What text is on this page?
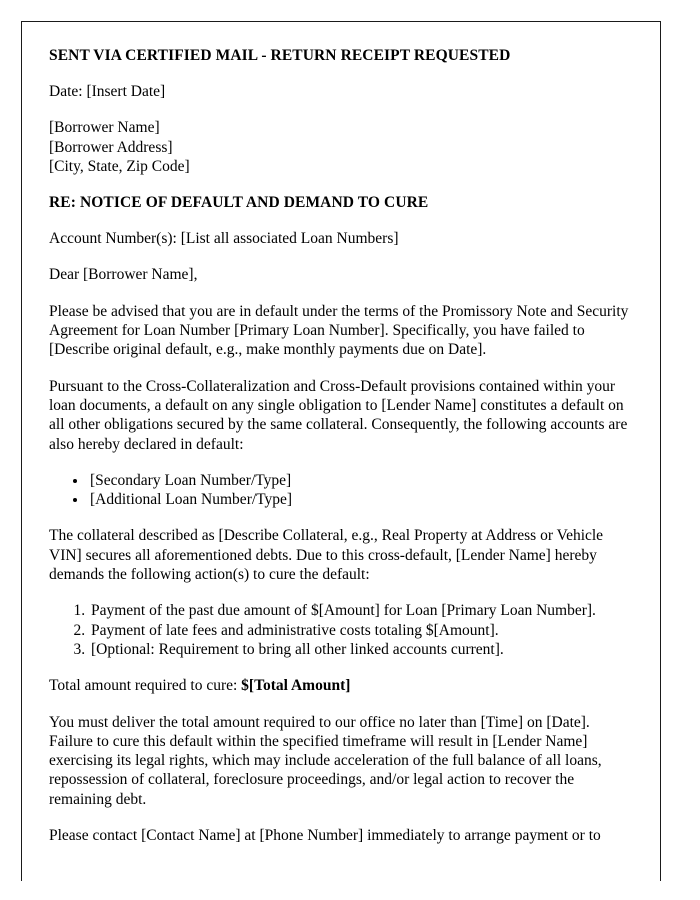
SENT VIA CERTIFIED MAIL - RETURN RECEIPT REQUESTED
Date: [Insert Date]
[Borrower Name]
[Borrower Address]
[City, State, Zip Code]
RE: NOTICE OF DEFAULT AND DEMAND TO CURE
Account Number(s): [List all associated Loan Numbers]
Dear [Borrower Name],
Please be advised that you are in default under the terms of the Promissory Note and Security Agreement for Loan Number [Primary Loan Number]. Specifically, you have failed to [Describe original default, e.g., make monthly payments due on Date].
Pursuant to the Cross-Collateralization and Cross-Default provisions contained within your loan documents, a default on any single obligation to [Lender Name] constitutes a default on all other obligations secured by the same collateral. Consequently, the following accounts are also hereby declared in default:
• [Secondary Loan Number/Type]
• [Additional Loan Number/Type]
The collateral described as [Describe Collateral, e.g., Real Property at Address or Vehicle VIN] secures all aforementioned debts. Due to this cross-default, [Lender Name] hereby demands the following action(s) to cure the default:
1. Payment of the past due amount of $[Amount] for Loan [Primary Loan Number].
2. Payment of late fees and administrative costs totaling $[Amount].
3. [Optional: Requirement to bring all other linked accounts current].
Total amount required to cure: $[Total Amount]
You must deliver the total amount required to our office no later than [Time] on [Date]. Failure to cure this default within the specified timeframe will result in [Lender Name] exercising its legal rights, which may include acceleration of the full balance of all loans, repossession of collateral, foreclosure proceedings, and/or legal action to recover the remaining debt.
Please contact [Contact Name] at [Phone Number] immediately to arrange payment or to
